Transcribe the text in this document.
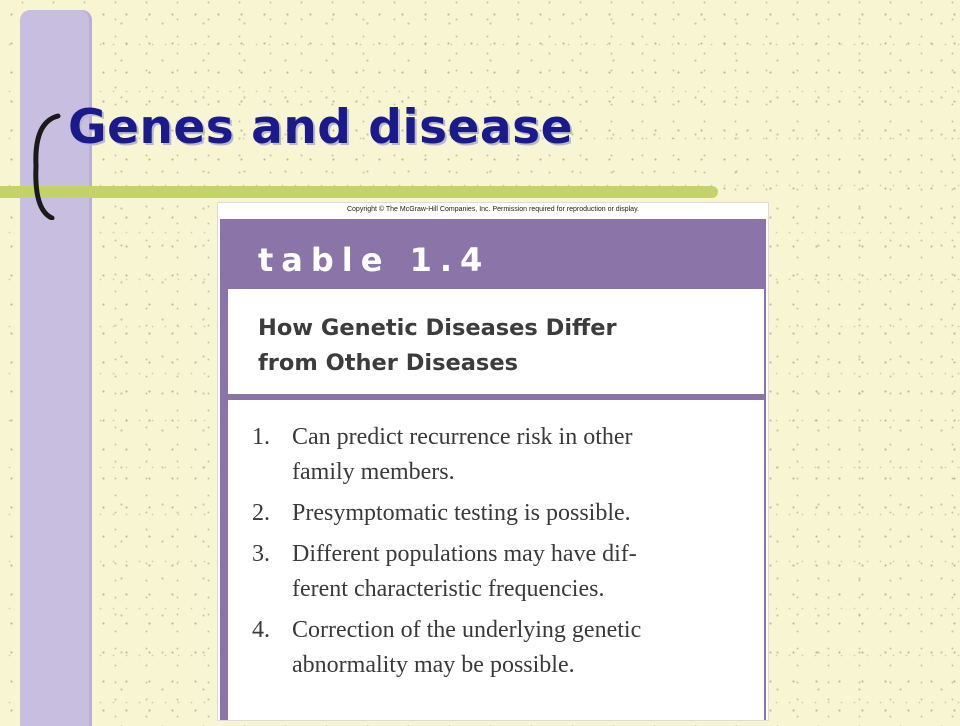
Genes and disease
Copyright © The McGraw-Hill Companies, Inc. Permission required for reproduction or display.
table 1.4

How Genetic Diseases Differ
from Other Diseases

1. Can predict recurrence risk in other
family members.
2. Presymptomatic testing is possible.
3. Different populations may have dif-
ferent characteristic frequencies.
4. Correction of the underlying genetic
abnormality may be possible.
